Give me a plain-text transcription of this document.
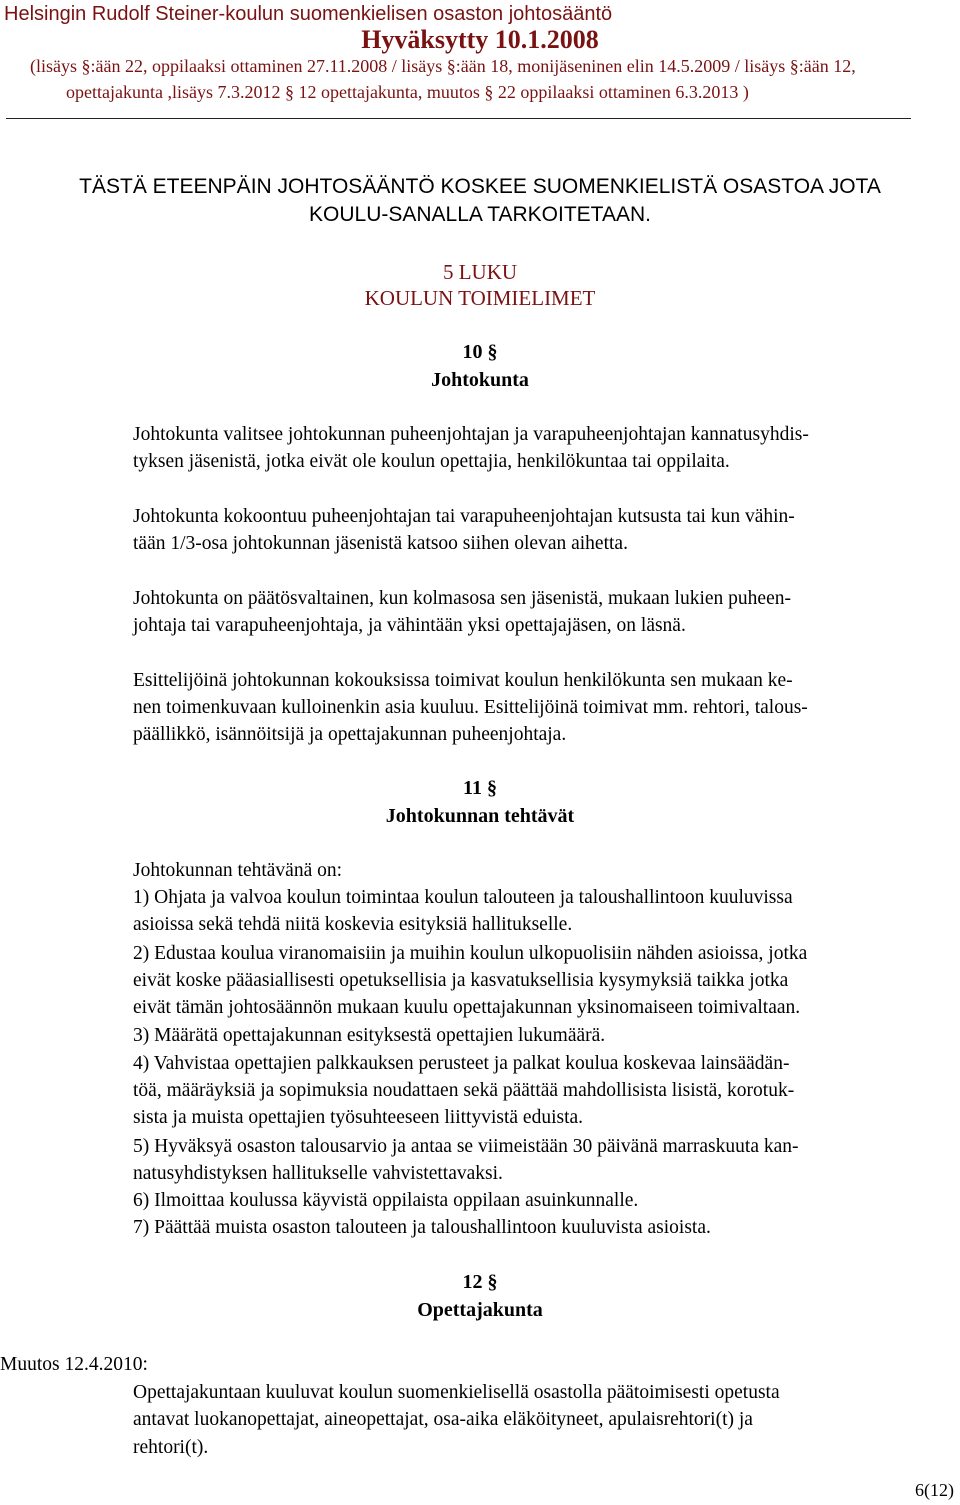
Helsingin Rudolf Steiner-koulun suomenkielisen osaston johtosääntö
Hyväksytty 10.1.2008
(lisäys §:ään 22, oppilaaksi ottaminen 27.11.2008 / lisäys §:ään 18, monijäseninen elin 14.5.2009 / lisäys §:ään 12,
opettajakunta ,lisäys 7.3.2012 § 12 opettajakunta, muutos § 22 oppilaaksi ottaminen 6.3.2013 )
TÄSTÄ ETEENPÄIN JOHTOSÄÄNTÖ KOSKEE SUOMENKIELISTÄ OSASTOA JOTA
KOULU-SANALLA TARKOITETAAN.
5 LUKU
KOULUN TOIMIELIMET
10 §
Johtokunta
Johtokunta valitsee johtokunnan puheenjohtajan ja varapuheenjohtajan kannatusyhdis-
tyksen jäsenistä, jotka eivät ole koulun opettajia, henkilökuntaa tai oppilaita.
Johtokunta kokoontuu puheenjohtajan tai varapuheenjohtajan kutsusta tai kun vähin-
tään 1/3-osa johtokunnan jäsenistä katsoo siihen olevan aihetta.
Johtokunta on päätösvaltainen, kun kolmasosa sen jäsenistä, mukaan lukien puheen-
johtaja tai varapuheenjohtaja, ja vähintään yksi opettajajäsen, on läsnä.
Esittelijöinä johtokunnan kokouksissa toimivat koulun henkilökunta sen mukaan ke-
nen toimenkuvaan kulloinenkin asia kuuluu. Esittelijöinä toimivat mm. rehtori, talous-
päällikkö, isännöitsijä ja opettajakunnan puheenjohtaja.
11 §
Johtokunnan tehtävät
Johtokunnan tehtävänä on:
1) Ohjata ja valvoa koulun toimintaa koulun talouteen ja taloushallintoon kuuluvissa
asioissa sekä tehdä niitä koskevia esityksiä hallitukselle.
2) Edustaa koulua viranomaisiin ja muihin koulun ulkopuolisiin nähden asioissa, jotka
eivät koske pääasiallisesti opetuksellisia ja kasvatuksellisia kysymyksiä taikka jotka
eivät tämän johtosäännön mukaan kuulu opettajakunnan yksinomaiseen toimivaltaan.
3) Määrätä opettajakunnan esityksestä opettajien lukumäärä.
4) Vahvistaa opettajien palkkauksen perusteet ja palkat koulua koskevaa lainsäädän-
töä, määräyksiä ja sopimuksia noudattaen sekä päättää mahdollisista lisistä, korotuk-
sista ja muista opettajien työsuhteeseen liittyvistä eduista.
5) Hyväksyä osaston talousarvio ja antaa se viimeistään 30 päivänä marraskuuta kan-
natusyhdistyksen hallitukselle vahvistettavaksi.
6) Ilmoittaa koulussa käyvistä oppilaista oppilaan asuinkunnalle.
7) Päättää muista osaston talouteen ja taloushallintoon kuuluvista asioista.
12 §
Opettajakunta
Muutos 12.4.2010:
Opettajakuntaan kuuluvat koulun suomenkielisellä osastolla päätoimisesti opetusta
antavat luokanopettajat, aineopettajat, osa-aika eläköityneet, apulaisrehtori(t) ja
rehtori(t).
6(12)
